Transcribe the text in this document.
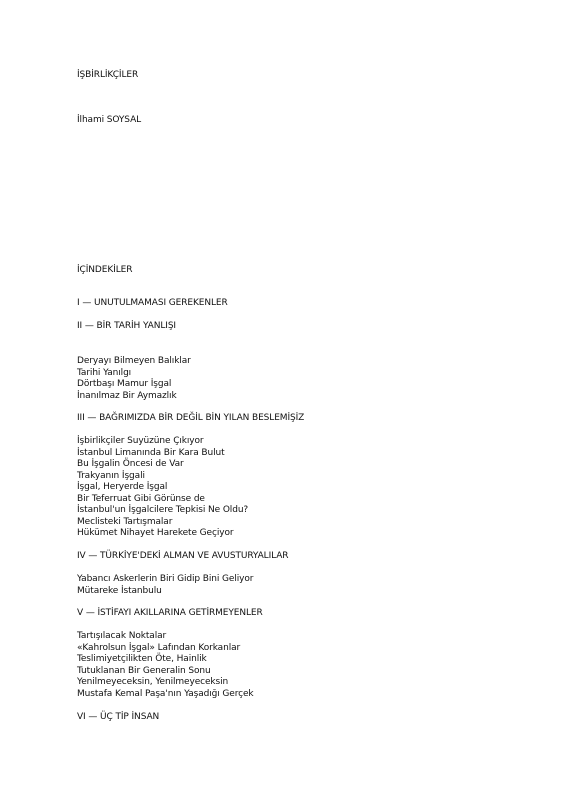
İŞBİRLİKÇİLER
İlhami SOYSAL
İÇİNDEKİLER
I — UNUTULMAMASI GEREKENLER
II — BİR TARİH YANLIŞI
Deryayı Bilmeyen Balıklar
Tarihi Yanılgı
Dörtbaşı Mamur İşgal
İnanılmaz Bir Aymazlık
III — BAĞRIMIZDA BİR DEĞİL BİN YILAN BESLEMİŞİZ
İşbirlikçiler Suyüzüne Çıkıyor
İstanbul Limanında Bir Kara Bulut
Bu İşgalin Öncesi de Var
Trakyanın İşgali
İşgal, Heryerde İşgal
Bir Teferruat Gibi Görünse de
İstanbul'un İşgalcilere Tepkisi Ne Oldu?
Meclisteki Tartışmalar
Hükümet Nihayet Harekete Geçiyor
IV — TÜRKİYE'DEKİ ALMAN VE AVUSTURYALILAR
Yabancı Askerlerin Biri Gidip Bini Geliyor
Mütareke İstanbulu
V — İSTİFAYI AKILLARINA GETİRMEYENLER
Tartışılacak Noktalar
«Kahrolsun İşgal» Lafından Korkanlar
Teslimiyetçilikten Öte, Hainlik
Tutuklanan Bir Generalin Sonu
Yenilmeyeceksin, Yenilmeyeceksin
Mustafa Kemal Paşa'nın Yaşadığı Gerçek
VI — ÜÇ TİP İNSAN
